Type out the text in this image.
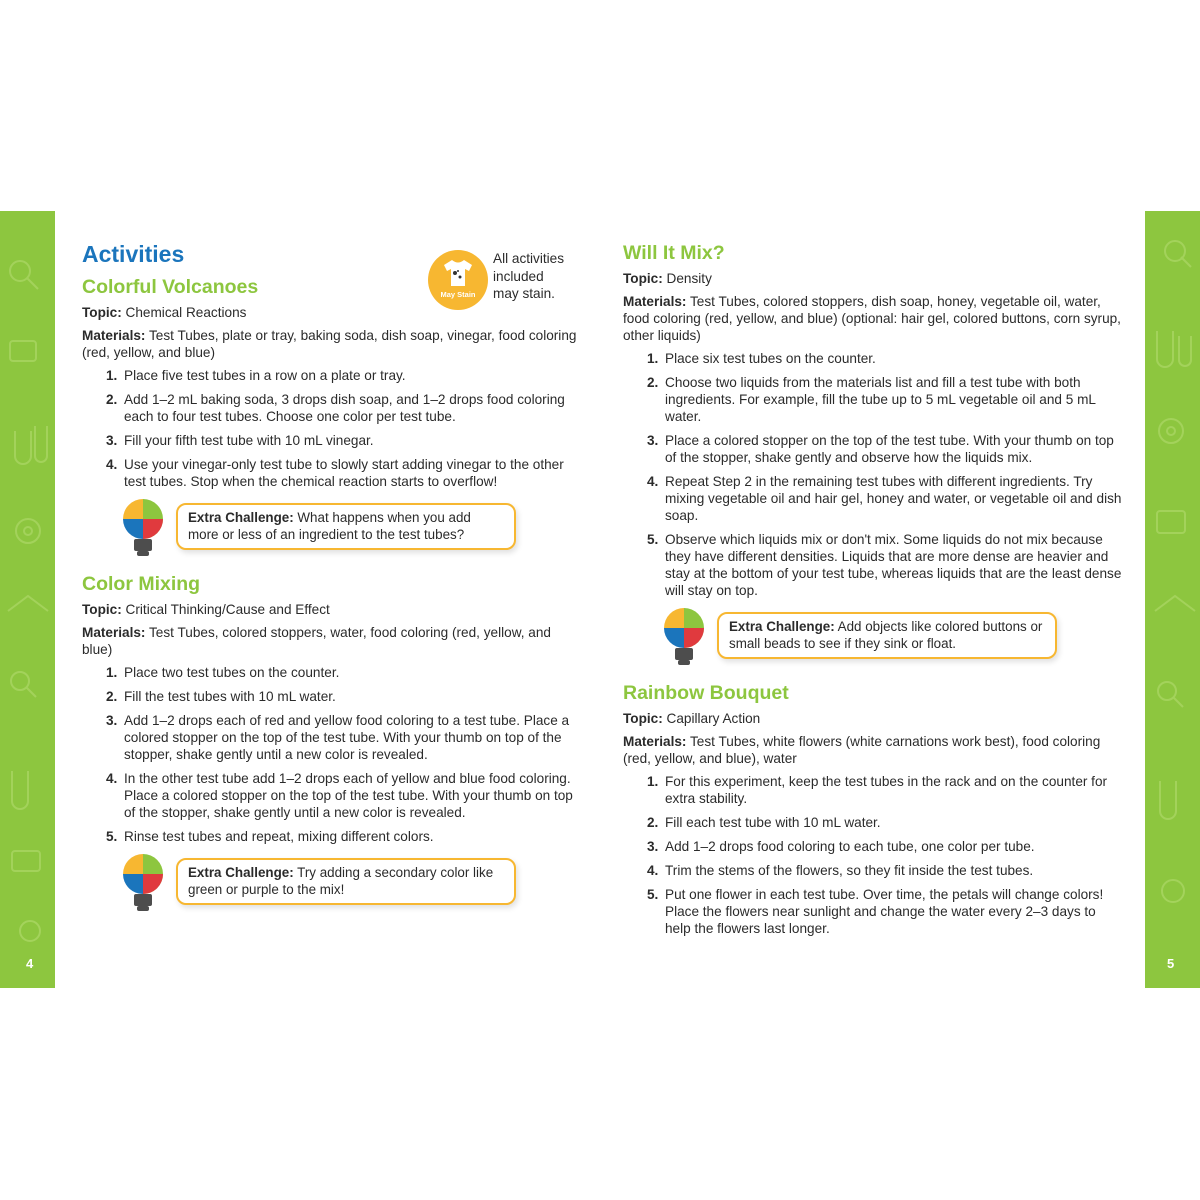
4	5
May Stain
All activities
included
may stain.
Activities
Colorful Volcanoes

Topic: Chemical Reactions

Materials: Test Tubes, plate or tray, baking soda, dish soap, vinegar, food coloring (red, yellow, and blue)

1. Place five test tubes in a row on a plate or tray.
2. Add 1–2 mL baking soda, 3 drops dish soap, and 1–2 drops food coloring each to four test tubes. Choose one color per test tube.
3. Fill your fifth test tube with 10 mL vinegar.
4. Use your vinegar-only test tube to slowly start adding vinegar to the other test tubes. Stop when the chemical reaction starts to overflow!
Extra Challenge: What happens when you add more or less of an ingredient to the test tubes?
Color Mixing

Topic: Critical Thinking/Cause and Effect

Materials: Test Tubes, colored stoppers, water, food coloring (red, yellow, and blue)

1. Place two test tubes on the counter.
2. Fill the test tubes with 10 mL water.
3. Add 1–2 drops each of red and yellow food coloring to a test tube. Place a colored stopper on the top of the test tube. With your thumb on top of the stopper, shake gently until a new color is revealed.
4. In the other test tube add 1–2 drops each of yellow and blue food coloring. Place a colored stopper on the top of the test tube. With your thumb on top of the stopper, shake gently until a new color is revealed.
5. Rinse test tubes and repeat, mixing different colors.
Extra Challenge: Try adding a secondary color like green or purple to the mix!
Will It Mix?

Topic: Density

Materials: Test Tubes, colored stoppers, dish soap, honey, vegetable oil, water, food coloring (red, yellow, and blue) (optional: hair gel, colored buttons, corn syrup, other liquids)

1. Place six test tubes on the counter.
2. Choose two liquids from the materials list and fill a test tube with both ingredients. For example, fill the tube up to 5 mL vegetable oil and 5 mL water.
3. Place a colored stopper on the top of the test tube. With your thumb on top of the stopper, shake gently and observe how the liquids mix.
4. Repeat Step 2 in the remaining test tubes with different ingredients. Try mixing vegetable oil and hair gel, honey and water, or vegetable oil and dish soap.
5. Observe which liquids mix or don't mix. Some liquids do not mix because they have different densities. Liquids that are more dense are heavier and stay at the bottom of your test tube, whereas liquids that are the least dense will stay on top.
Extra Challenge: Add objects like colored buttons or small beads to see if they sink or float.
Rainbow Bouquet

Topic: Capillary Action

Materials: Test Tubes, white flowers (white carnations work best), food coloring (red, yellow, and blue), water

1. For this experiment, keep the test tubes in the rack and on the counter for extra stability.
2. Fill each test tube with 10 mL water.
3. Add 1–2 drops food coloring to each tube, one color per tube.
4. Trim the stems of the flowers, so they fit inside the test tubes.
5. Put one flower in each test tube. Over time, the petals will change colors! Place the flowers near sunlight and change the water every 2–3 days to help the flowers last longer.
